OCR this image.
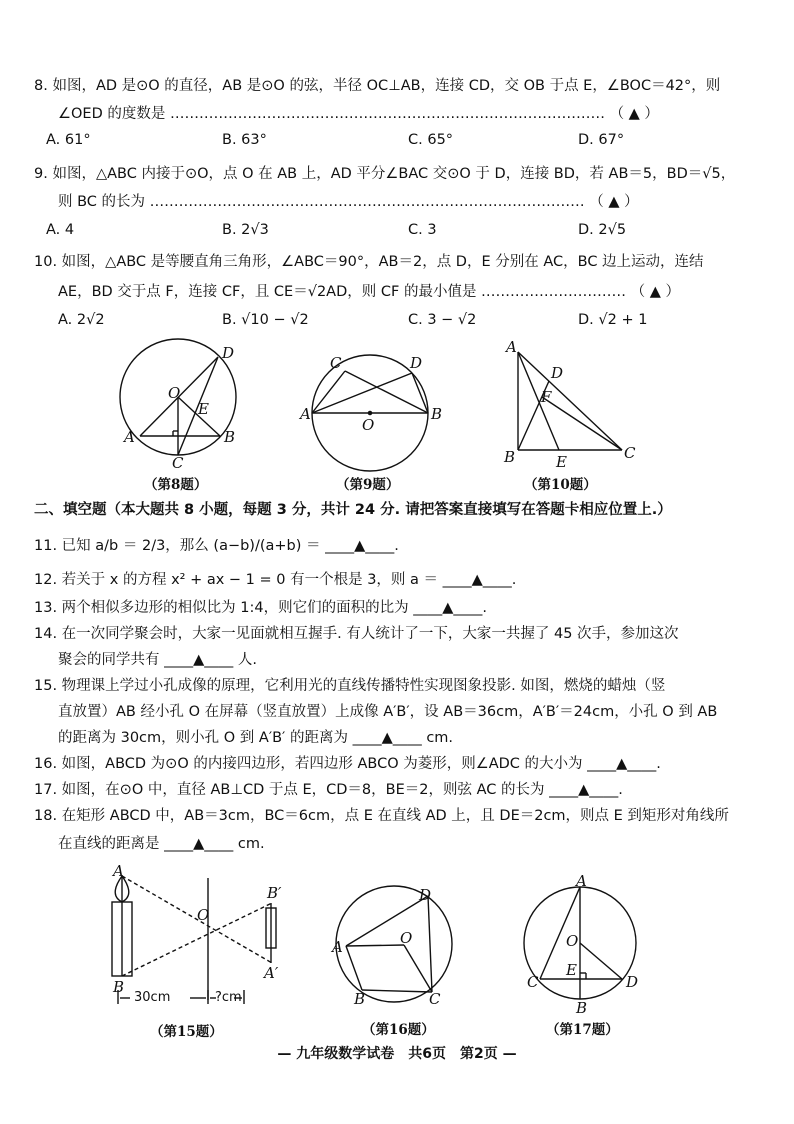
8. 如图，AD 是⊙O 的直径，AB 是⊙O 的弦，半径 OC⊥AB，连接 CD，交 OB 于点 E，∠BOC＝42°，则
∠OED 的度数是 ……………………………………………………………………………… （ ▲ ）
A. 61°	B. 63°	C. 65°	D. 67°
9. 如图，△ABC 内接于⊙O，点 O 在 AB 上，AD 平分∠BAC 交⊙O 于 D，连接 BD，若 AB＝5，BD＝√5，
则 BC 的长为 ……………………………………………………………………………… （ ▲ ）
A. 4	B. 2√3	C. 3	D. 2√5
10. 如图，△ABC 是等腰直角三角形，∠ABC＝90°，AB＝2，点 D，E 分别在 AC，BC 边上运动，连结
AE，BD 交于点 F，连接 CF，且 CE＝√2AD，则 CF 的最小值是 ………………………… （ ▲ ）
A. 2√2	B. √10 − √2	C. 3 − √2	D. √2 + 1
D
O
E
A	B
C
C	D
A	B
O
A
D
F
B	E	C
（第8题）	（第9题）	（第10题）
二、填空题（本大题共 8 小题，每题 3 分，共计 24 分. 请把答案直接填写在答题卡相应位置上.）
11. 已知 a/b ＝ 2/3，那么 (a−b)/(a+b) ＝ ____▲____.
12. 若关于 x 的方程 x² + ax − 1 = 0 有一个根是 3，则 a ＝ ____▲____.
13. 两个相似多边形的相似比为 1:4，则它们的面积的比为 ____▲____.
14. 在一次同学聚会时，大家一见面就相互握手. 有人统计了一下，大家一共握了 45 次手，参加这次
聚会的同学共有 ____▲____ 人.
15. 物理课上学过小孔成像的原理，它利用光的直线传播特性实现图象投影. 如图，燃烧的蜡烛（竖
直放置）AB 经小孔 O 在屏幕（竖直放置）上成像 A′B′，设 AB＝36cm，A′B′＝24cm，小孔 O 到 AB
的距离为 30cm，则小孔 O 到 A′B′ 的距离为 ____▲____ cm.
16. 如图，ABCD 为⊙O 的内接四边形，若四边形 ABCO 为菱形，则∠ADC 的大小为 ____▲____.
17. 如图，在⊙O 中，直径 AB⊥CD 于点 E，CD＝8，BE＝2，则弦 AC 的长为 ____▲____.
18. 在矩形 ABCD 中，AB＝3cm，BC＝6cm，点 E 在直线 AD 上，且 DE＝2cm，则点 E 到矩形对角线所
在直线的距离是 ____▲____ cm.
A
B
O
B′
A′
D
A	O
B	C
A
O
E
C	D
B
30cm	?cm
（第15题）	（第16题）	（第17题）
— 九年级数学试卷　共6页　第2页 —
